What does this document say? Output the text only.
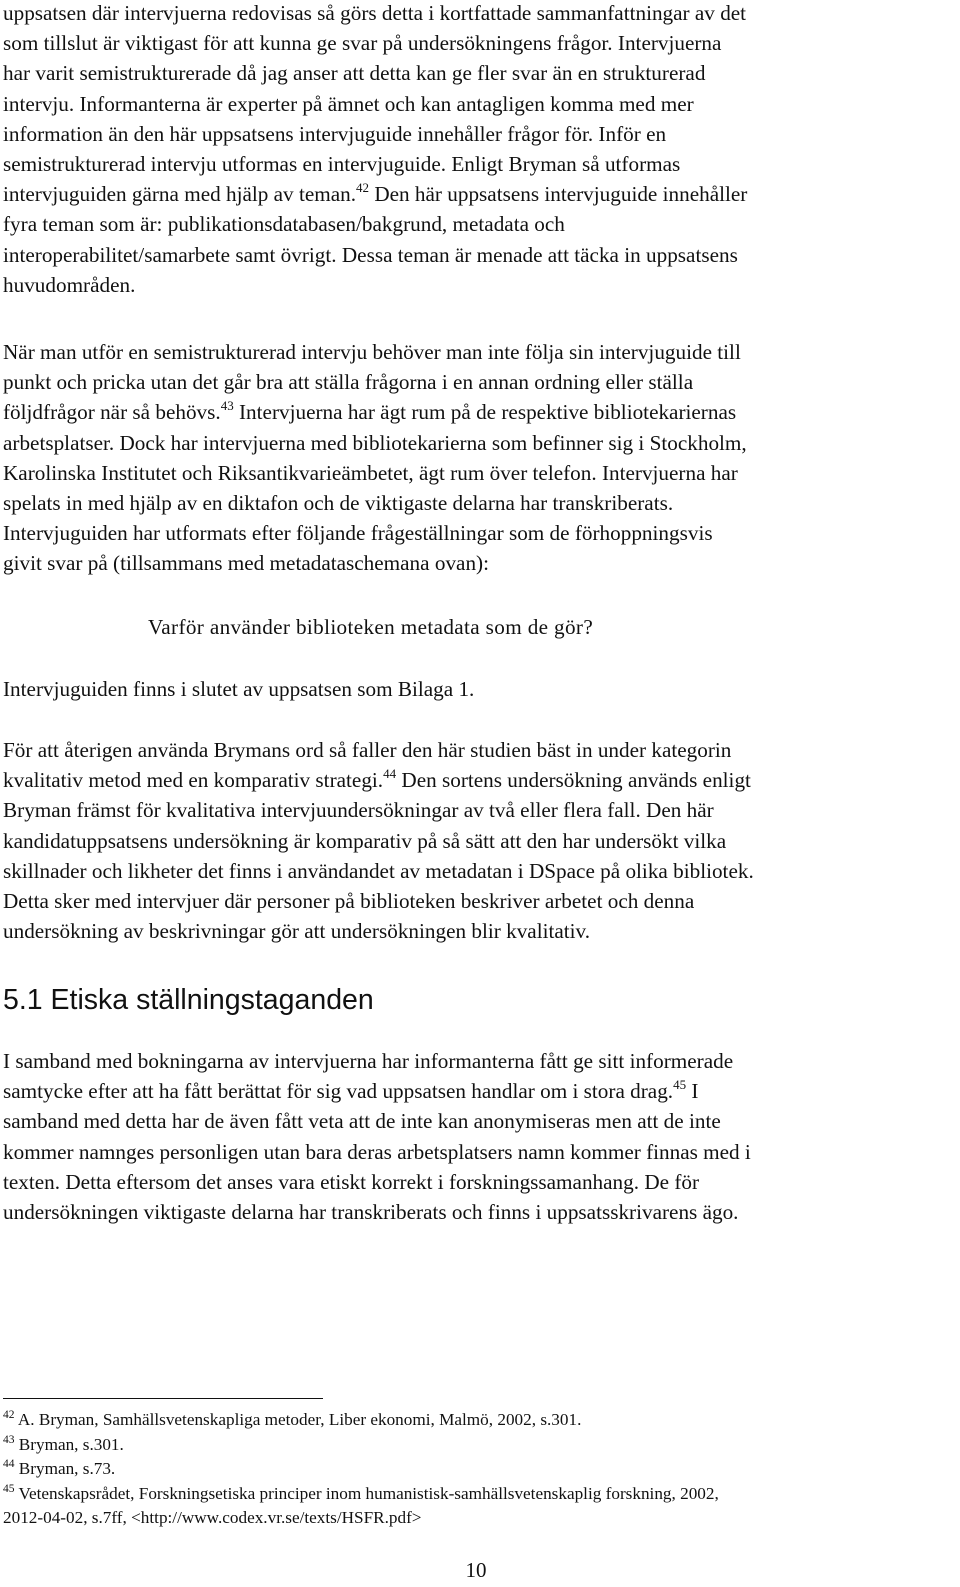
uppsatsen där intervjuerna redovisas så görs detta i kortfattade sammanfattningar av det
som tillslut är viktigast för att kunna ge svar på undersökningens frågor. Intervjuerna
har varit semistrukturerade då jag anser att detta kan ge fler svar än en strukturerad
intervju. Informanterna är experter på ämnet och kan antagligen komma med mer
information än den här uppsatsens intervjuguide innehåller frågor för. Inför en
semistrukturerad intervju utformas en intervjuguide. Enligt Bryman så utformas
intervjuguiden gärna med hjälp av teman.$^{42}$ Den här uppsatsens intervjuguide innehåller
fyra teman som är: publikationsdatabasen/bakgrund, metadata och
interoperabilitet/samarbete samt övrigt. Dessa teman är menade att täcka in uppsatsens
huvudområden.
När man utför en semistrukturerad intervju behöver man inte följa sin intervjuguide till
punkt och pricka utan det går bra att ställa frågorna i en annan ordning eller ställa
följdfrågor när så behövs.$^{43}$ Intervjuerna har ägt rum på de respektive bibliotekariernas
arbetsplatser. Dock har intervjuerna med bibliotekarierna som befinner sig i Stockholm,
Karolinska Institutet och Riksantikvarieämbetet, ägt rum över telefon. Intervjuerna har
spelats in med hjälp av en diktafon och de viktigaste delarna har transkriberats.
Intervjuguiden har utformats efter följande frågeställningar som de förhoppningsvis
givit svar på (tillsammans med metadataschemana ovan):
Varför använder biblioteken metadata som de gör?
Intervjuguiden finns i slutet av uppsatsen som Bilaga 1.
För att återigen använda Brymans ord så faller den här studien bäst in under kategorin
kvalitativ metod med en komparativ strategi.$^{44}$ Den sortens undersökning används enligt
Bryman främst för kvalitativa intervjuundersökningar av två eller flera fall. Den här
kandidatuppsatsens undersökning är komparativ på så sätt att den har undersökt vilka
skillnader och likheter det finns i användandet av metadatan i DSpace på olika bibliotek.
Detta sker med intervjuer där personer på biblioteken beskriver arbetet och denna
undersökning av beskrivningar gör att undersökningen blir kvalitativ.
5.1 Etiska ställningstaganden
I samband med bokningarna av intervjuerna har informanterna fått ge sitt informerade
samtycke efter att ha fått berättat för sig vad uppsatsen handlar om i stora drag.$^{45}$ I
samband med detta har de även fått veta att de inte kan anonymiseras men att de inte
kommer namnges personligen utan bara deras arbetsplatsers namn kommer finnas med i
texten. Detta eftersom det anses vara etiskt korrekt i forskningssamanhang. De för
undersökningen viktigaste delarna har transkriberats och finns i uppsatsskrivarens ägo.
$^{42}$ A. Bryman, Samhällsvetenskapliga metoder, Liber ekonomi, Malmö, 2002, s.301.
$^{43}$ Bryman, s.301.
$^{44}$ Bryman, s.73.
$^{45}$ Vetenskapsrådet, Forskningsetiska principer inom humanistisk-samhällsvetenskaplig forskning, 2002,
2012-04-02, s.7ff, <http://www.codex.vr.se/texts/HSFR.pdf>
10
